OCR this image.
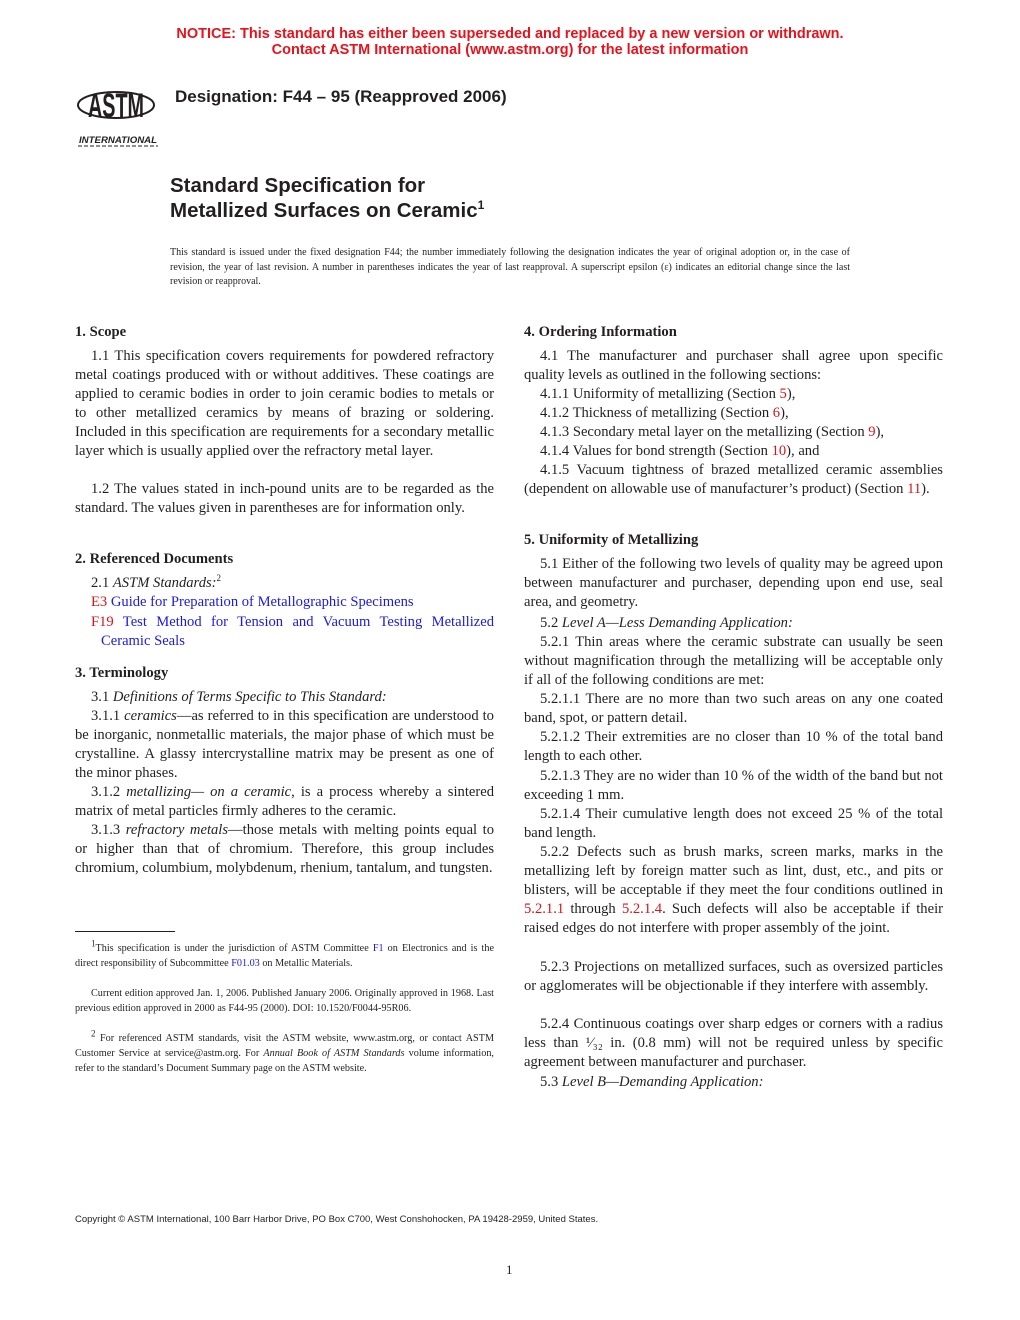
NOTICE: This standard has either been superseded and replaced by a new version or withdrawn.
Contact ASTM International (www.astm.org) for the latest information
ASTM
INTERNATIONAL
Designation: F44 – 95 (Reapproved 2006)
Standard Specification for
Metallized Surfaces on Ceramic$^1$
This standard is issued under the fixed designation F44; the number immediately following the designation indicates the year of original adoption or, in the case of revision, the year of last revision. A number in parentheses indicates the year of last reapproval. A superscript epsilon (ε) indicates an editorial change since the last revision or reapproval.
1. Scope
1.1 This specification covers requirements for powdered refractory metal coatings produced with or without additives. These coatings are applied to ceramic bodies in order to join ceramic bodies to metals or to other metallized ceramics by means of brazing or soldering. Included in this specification are requirements for a secondary metallic layer which is usually applied over the refractory metal layer.
1.2 The values stated in inch-pound units are to be regarded as the standard. The values given in parentheses are for information only.
2. Referenced Documents
2.1 ASTM Standards:$^2$
E3 Guide for Preparation of Metallographic Specimens
F19 Test Method for Tension and Vacuum Testing Metallized Ceramic Seals
3. Terminology
3.1 Definitions of Terms Specific to This Standard:
3.1.1 ceramics—as referred to in this specification are understood to be inorganic, nonmetallic materials, the major phase of which must be crystalline. A glassy intercrystalline matrix may be present as one of the minor phases.
3.1.2 metallizing— on a ceramic, is a process whereby a sintered matrix of metal particles firmly adheres to the ceramic.
3.1.3 refractory metals—those metals with melting points equal to or higher than that of chromium. Therefore, this group includes chromium, columbium, molybdenum, rhenium, tantalum, and tungsten.
$^1$This specification is under the jurisdiction of ASTM Committee F1 on Electronics and is the direct responsibility of Subcommittee F01.03 on Metallic Materials.
Current edition approved Jan. 1, 2006. Published January 2006. Originally approved in 1968. Last previous edition approved in 2000 as F44-95 (2000). DOI: 10.1520/F0044-95R06.
$^2$ For referenced ASTM standards, visit the ASTM website, www.astm.org, or contact ASTM Customer Service at service@astm.org. For Annual Book of ASTM Standards volume information, refer to the standard’s Document Summary page on the ASTM website.
4. Ordering Information
4.1 The manufacturer and purchaser shall agree upon specific quality levels as outlined in the following sections:
4.1.1 Uniformity of metallizing (Section 5),
4.1.2 Thickness of metallizing (Section 6),
4.1.3 Secondary metal layer on the metallizing (Section 9),
4.1.4 Values for bond strength (Section 10), and
4.1.5 Vacuum tightness of brazed metallized ceramic assemblies (dependent on allowable use of manufacturer’s product) (Section 11).
5. Uniformity of Metallizing
5.1 Either of the following two levels of quality may be agreed upon between manufacturer and purchaser, depending upon end use, seal area, and geometry.
5.2 Level A—Less Demanding Application:
5.2.1 Thin areas where the ceramic substrate can usually be seen without magnification through the metallizing will be acceptable only if all of the following conditions are met:
5.2.1.1 There are no more than two such areas on any one coated band, spot, or pattern detail.
5.2.1.2 Their extremities are no closer than 10 % of the total band length to each other.
5.2.1.3 They are no wider than 10 % of the width of the band but not exceeding 1 mm.
5.2.1.4 Their cumulative length does not exceed 25 % of the total band length.
5.2.2 Defects such as brush marks, screen marks, marks in the metallizing left by foreign matter such as lint, dust, etc., and pits or blisters, will be acceptable if they meet the four conditions outlined in 5.2.1.1 through 5.2.1.4. Such defects will also be acceptable if their raised edges do not interfere with proper assembly of the joint.
5.2.3 Projections on metallized surfaces, such as oversized particles or agglomerates will be objectionable if they interfere with assembly.
5.2.4 Continuous coatings over sharp edges or corners with a radius less than ¹⁄₃₂ in. (0.8 mm) will not be required unless by specific agreement between manufacturer and purchaser.
5.3 Level B—Demanding Application:
Copyright © ASTM International, 100 Barr Harbor Drive, PO Box C700, West Conshohocken, PA 19428-2959, United States.
1
